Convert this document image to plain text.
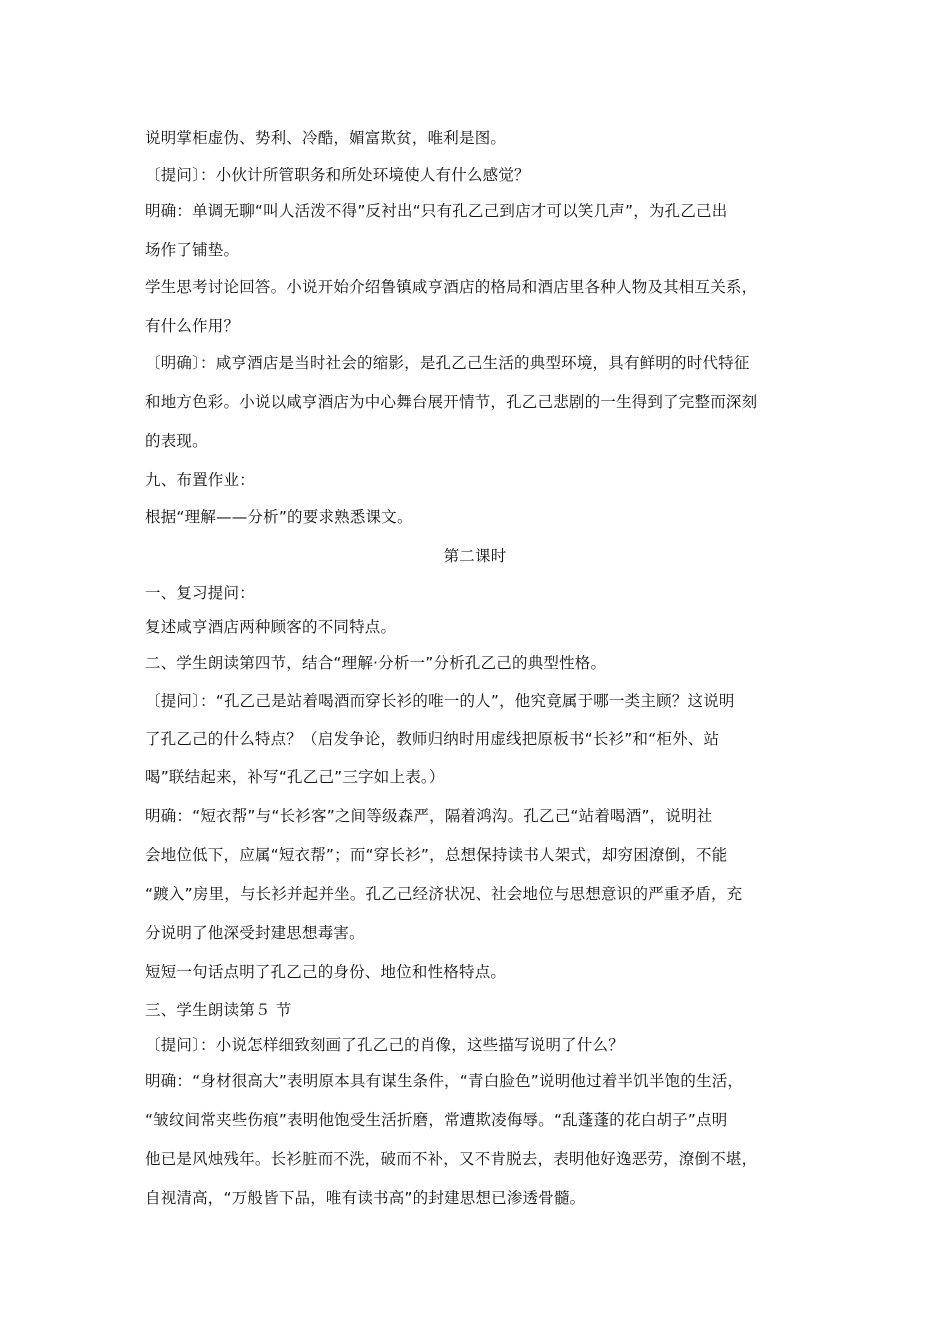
说明掌柜虚伪、势利、冷酷，媚富欺贫，唯利是图。
〔提问〕：小伙计所管职务和所处环境使人有什么感觉？
明确：单调无聊“叫人活泼不得”反衬出“只有孔乙己到店才可以笑几声”，为孔乙己出
场作了铺垫。
学生思考讨论回答。小说开始介绍鲁镇咸亨酒店的格局和酒店里各种人物及其相互关系，
有什么作用？
〔明确〕：咸亨酒店是当时社会的缩影，是孔乙己生活的典型环境，具有鲜明的时代特征
和地方色彩。小说以咸亨酒店为中心舞台展开情节，孔乙己悲剧的一生得到了完整而深刻
的表现。
九、布置作业：
根据“理解——分析”的要求熟悉课文。
第二课时
一、复习提问：
复述咸亨酒店两种顾客的不同特点。
二、学生朗读第四节，结合“理解·分析一”分析孔乙己的典型性格。
〔提问〕：“孔乙己是站着喝酒而穿长衫的唯一的人”，他究竟属于哪一类主顾？这说明
了孔乙己的什么特点？（启发争论，教师归纳时用虚线把原板书“长衫”和“柜外、站
喝”联结起来，补写“孔乙己”三字如上表。）
明确：“短衣帮”与“长衫客”之间等级森严，隔着鸿沟。孔乙己“站着喝酒”，说明社
会地位低下，应属“短衣帮”；而“穿长衫”，总想保持读书人架式，却穷困潦倒，不能
“踱入”房里，与长衫并起并坐。孔乙己经济状况、社会地位与思想意识的严重矛盾，充
分说明了他深受封建思想毒害。
短短一句话点明了孔乙己的身份、地位和性格特点。
三、学生朗读第５ 节
〔提问〕：小说怎样细致刻画了孔乙己的肖像，这些描写说明了什么？
明确：“身材很高大”表明原本具有谋生条件，“青白脸色”说明他过着半饥半饱的生活，
“皱纹间常夹些伤痕”表明他饱受生活折磨，常遭欺凌侮辱。“乱蓬蓬的花白胡子”点明
他已是风烛残年。长衫脏而不洗，破而不补，又不肯脱去，表明他好逸恶劳，潦倒不堪，
自视清高，“万般皆下品，唯有读书高”的封建思想已渗透骨髓。
